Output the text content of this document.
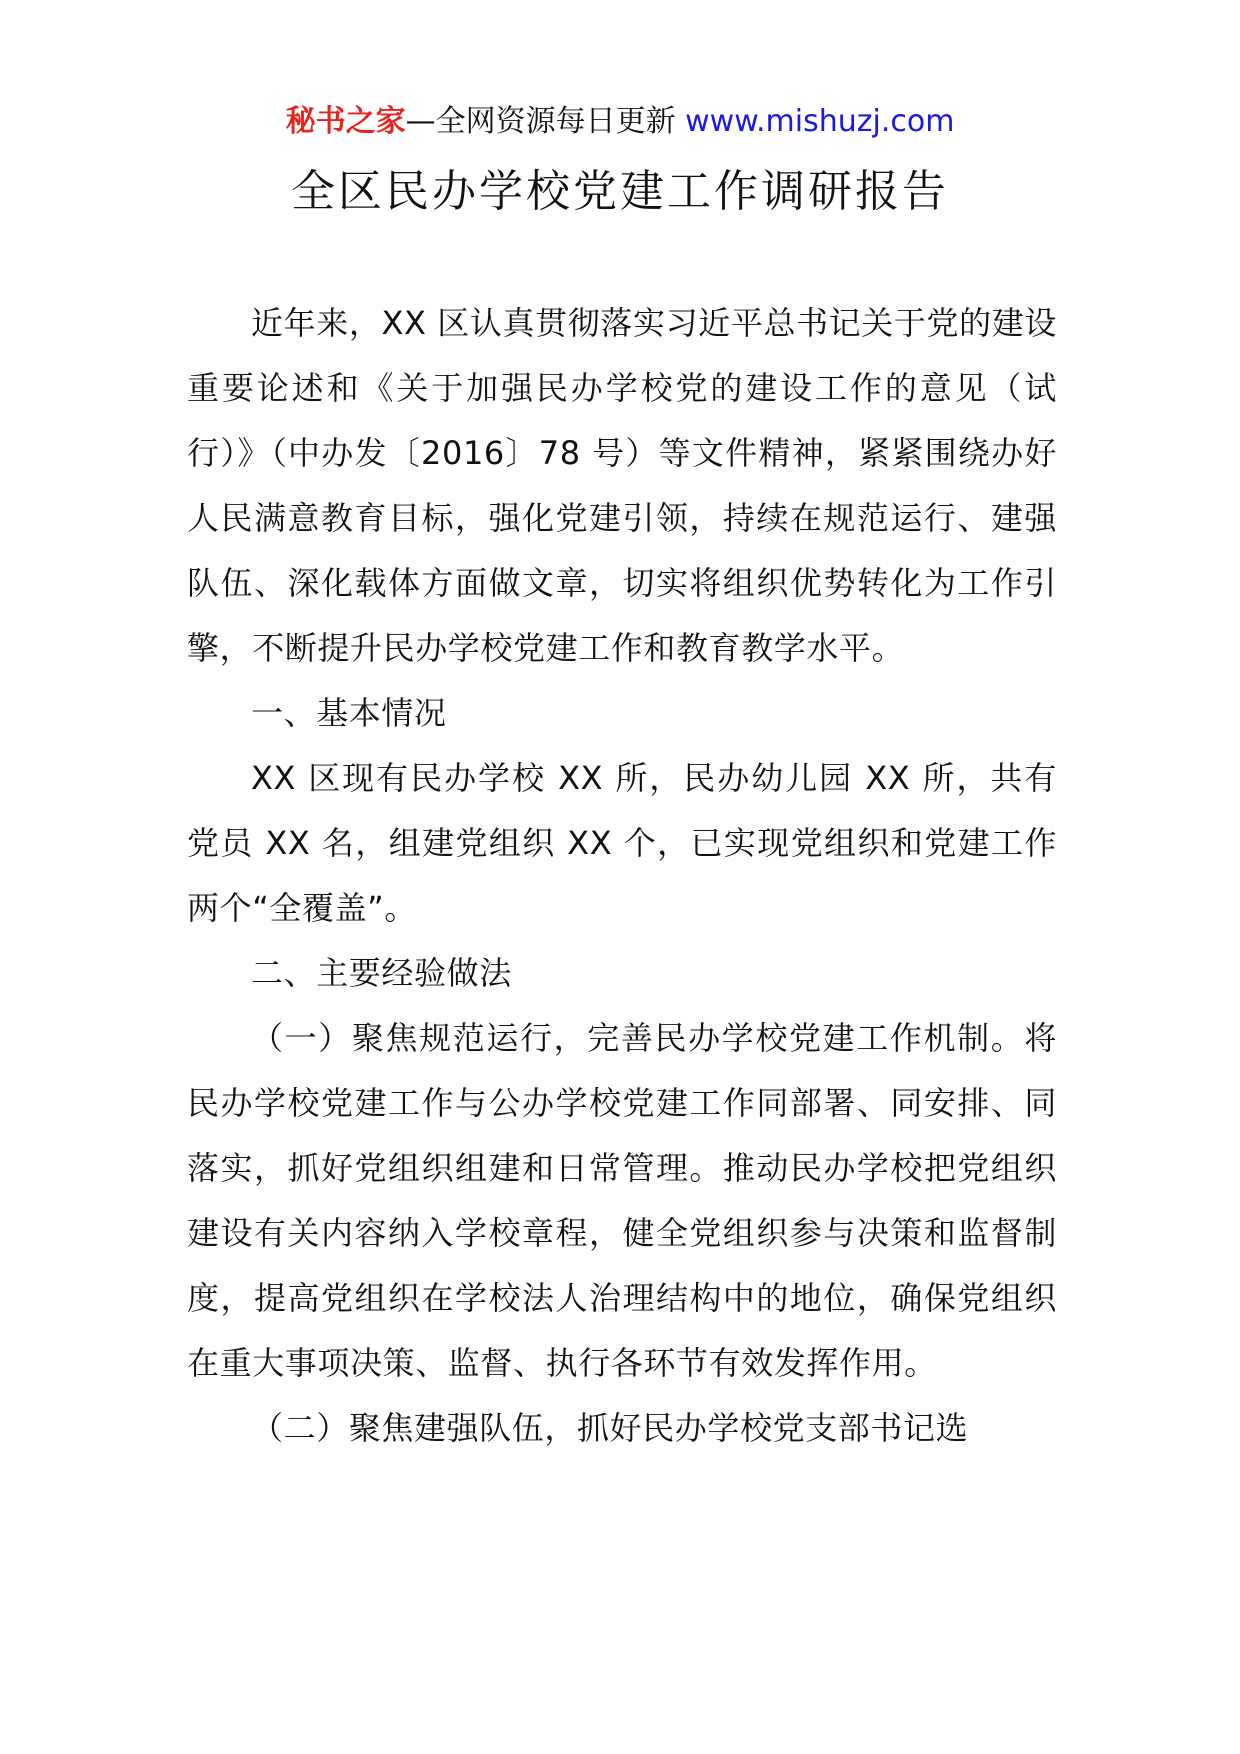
秘书之家—全网资源每日更新 www.mishuzj.com
全区民办学校党建工作调研报告

近年来，XX 区认真贯彻落实习近平总书记关于党的建设重要论述和《关于加强民办学校党的建设工作的意见（试行）》（中办发〔2016〕78 号）等文件精神，紧紧围绕办好人民满意教育目标，强化党建引领，持续在规范运行、建强队伍、深化载体方面做文章，切实将组织优势转化为工作引擎，不断提升民办学校党建工作和教育教学水平。

一、基本情况

XX 区现有民办学校 XX 所，民办幼儿园 XX 所，共有党员 XX 名，组建党组织 XX 个，已实现党组织和党建工作两个“全覆盖”。

二、主要经验做法

（一）聚焦规范运行，完善民办学校党建工作机制。将民办学校党建工作与公办学校党建工作同部署、同安排、同落实，抓好党组织组建和日常管理。推动民办学校把党组织建设有关内容纳入学校章程，健全党组织参与决策和监督制度，提高党组织在学校法人治理结构中的地位，确保党组织在重大事项决策、监督、执行各环节有效发挥作用。

（二）聚焦建强队伍，抓好民办学校党支部书记选
